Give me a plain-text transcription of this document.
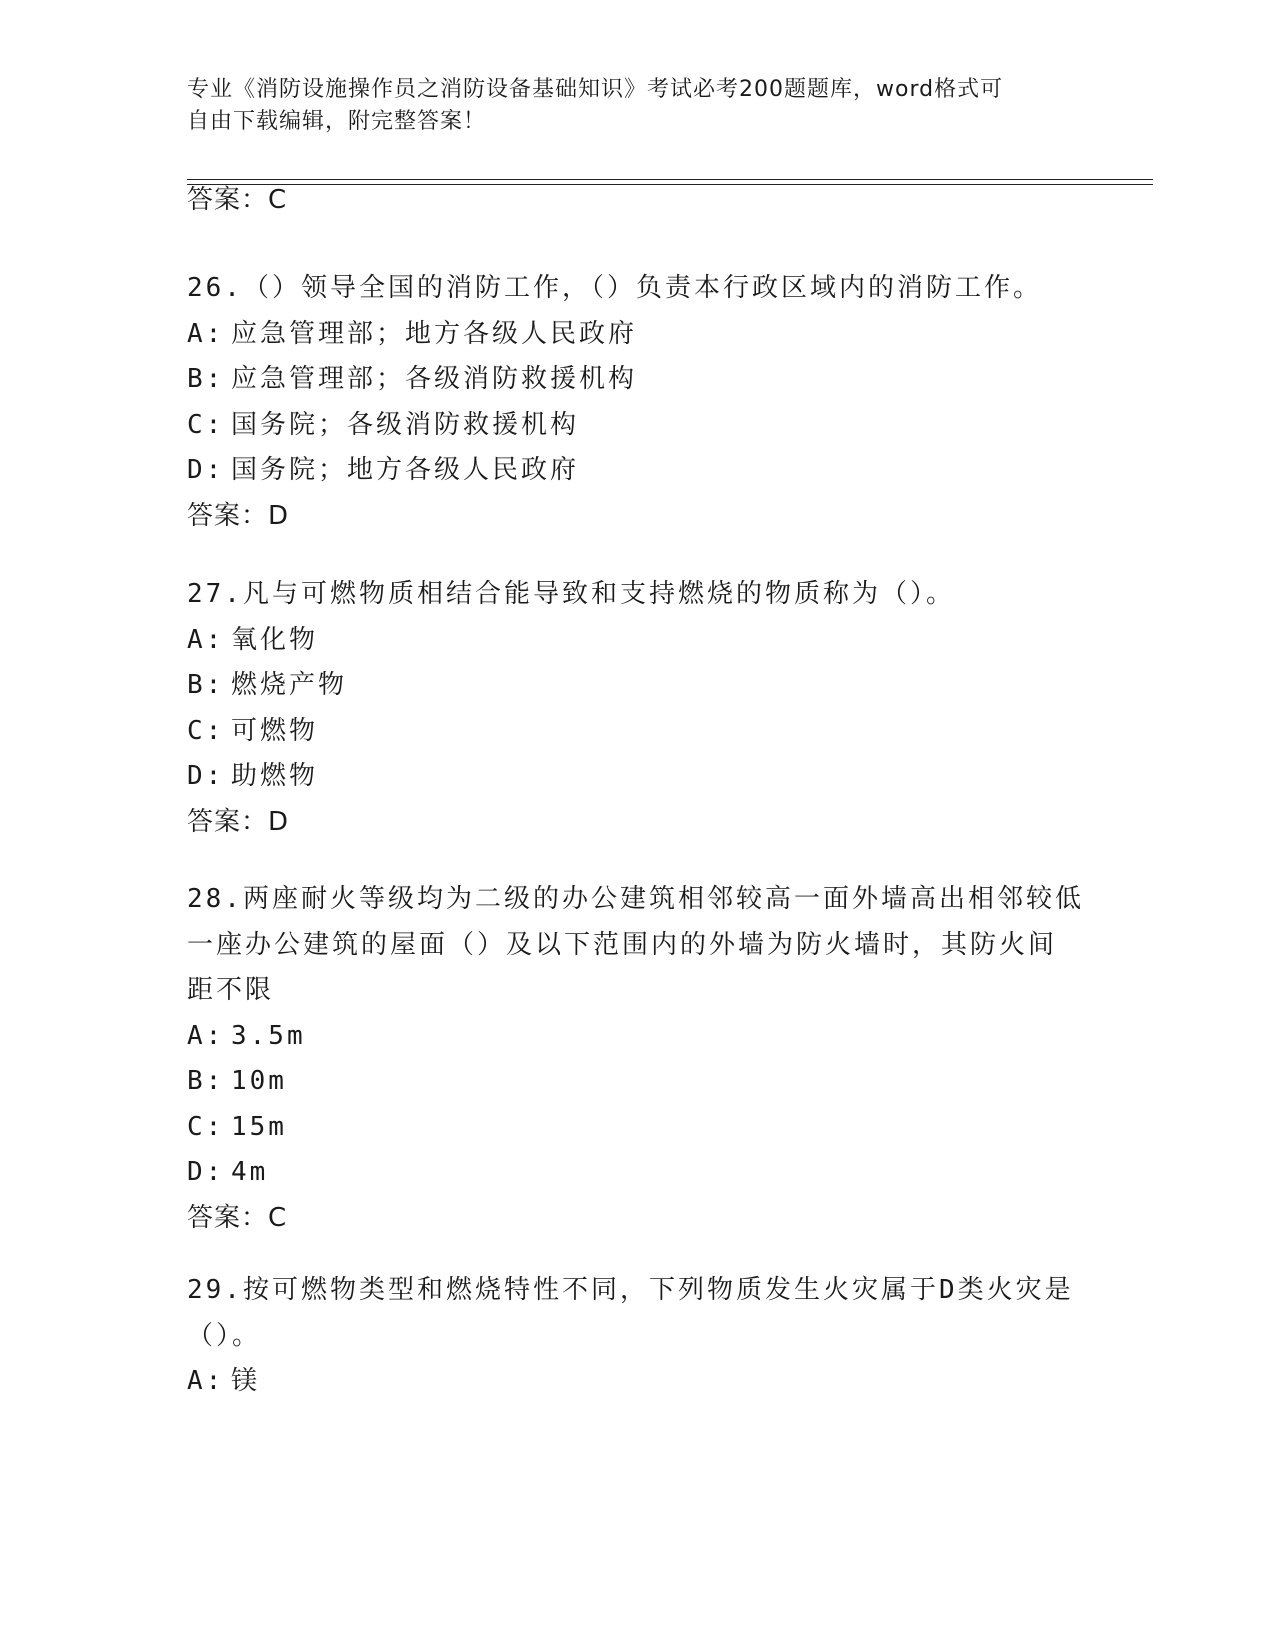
专业《消防设施操作员之消防设备基础知识》考试必考200题题库，word格式可
自由下载编辑，附完整答案！
答案：C
26.（）领导全国的消防工作，（）负责本行政区域内的消防工作。
A: 应急管理部；地方各级人民政府
B: 应急管理部；各级消防救援机构
C: 国务院；各级消防救援机构
D: 国务院；地方各级人民政府
答案：D
27.凡与可燃物质相结合能导致和支持燃烧的物质称为（）。
A: 氧化物
B: 燃烧产物
C: 可燃物
D: 助燃物
答案：D
28.两座耐火等级均为二级的办公建筑相邻较高一面外墙高出相邻较低
一座办公建筑的屋面（）及以下范围内的外墙为防火墙时，其防火间
距不限
A: 3.5m
B: 10m
C: 15m
D: 4m
答案：C
29.按可燃物类型和燃烧特性不同，下列物质发生火灾属于D类火灾是
（）。
A: 镁
